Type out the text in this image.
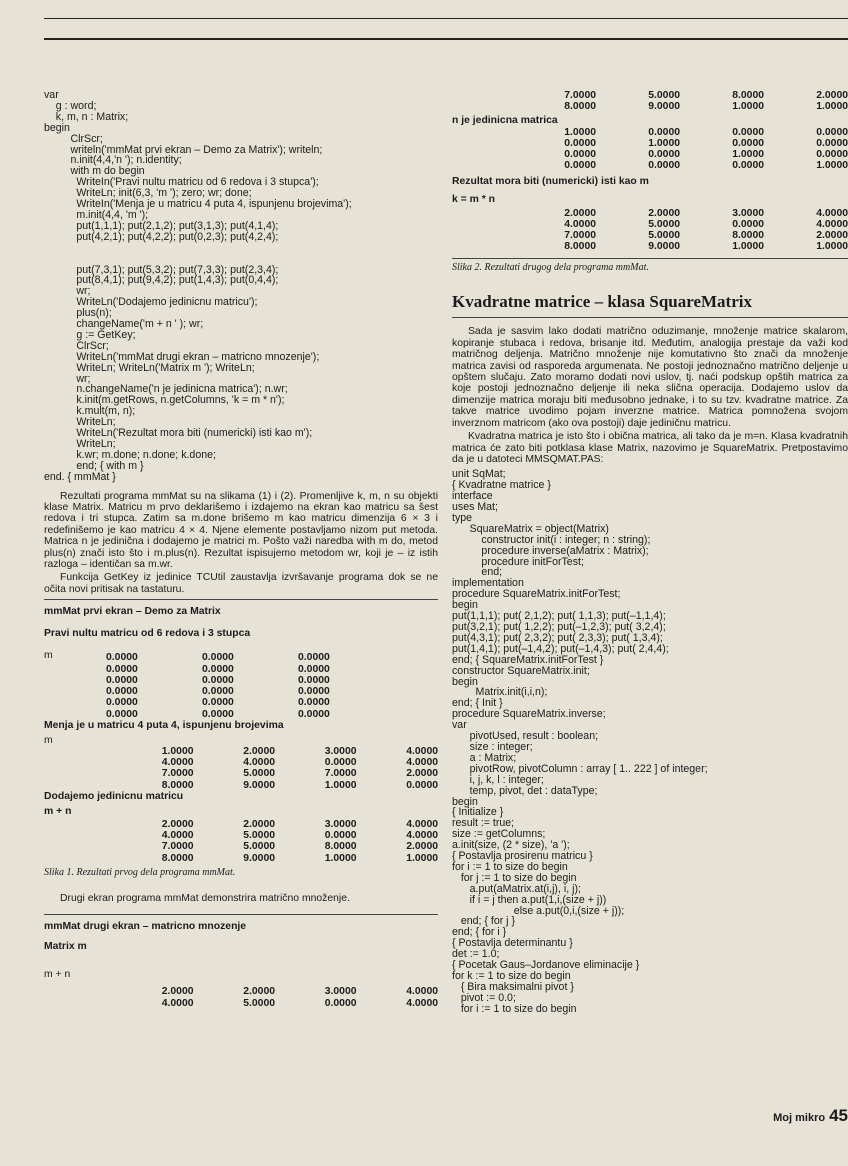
var
g : word;
k, m, n : Matrix;
begin
ClrScr;
writeln('mmMat prvi ekran – Demo za Matrix'); writeln;
n.init(4,4,'n '); n.identity;
with m do begin
WriteIn('Pravi nultu matricu od 6 redova i 3 stupca');
WriteLn; init(6,3, 'm '); zero; wr; done;
WriteIn('Menja je u matricu 4 puta 4, ispunjenu brojevima');
m.init(4,4, 'm ');
put(1,1,1); put(2,1,2); put(3,1,3); put(4,1,4);
put(4,2,1); put(4,2,2); put(0,2,3); put(4,2,4);

put(7,3,1); put(5,3,2); put(7,3,3); put(2,3,4);
put(8,4,1); put(9,4,2); put(1,4,3); put(0,4,4);
wr;
WriteLn('Dodajemo jedinicnu matricu');
plus(n);
changeName('m + n ' ); wr;
g := GetKey;
ClrScr;
WriteLn('mmMat drugi ekran – matricno mnozenje');
WriteLn; WriteLn('Matrix m '); WriteLn;
wr;
n.changeName('n je jedinicna matrica'); n.wr;
k.init(m.getRows, n.getColumns, 'k = m * n');
k.mult(m, n);
WriteLn;
WriteLn('Rezultat mora biti (numericki) isti kao m');
WriteLn;
k.wr; m.done; n.done; k.done;
end; { with m }
end. { mmMat }

Rezultati programa mmMat su na slikama (1) i (2). Promenljive k, m, n su objekti klase Matrix. Matricu m prvo deklarišemo i izdajemo na ekran kao matricu sa šest redova i tri stupca. Zatim sa m.done brišemo m kao matricu dimenzija 6 × 3 i redefinišemo je kao matricu 4 × 4. Njene elemente postavljamo nizom put metoda. Matrica n je jedinična i dodajemo je matrici m. Pošto važi naredba with m do, metod plus(n) znači isto što i m.plus(n). Rezultat ispisujemo metodom wr, koji je – iz istih razloga – identičan sa m.wr.

Funkcija GetKey iz jedinice TCUtil zaustavlja izvršavanje programa dok se ne očita novi pritisak na tastaturu.

mmMat prvi ekran – Demo za Matrix
Pravi nultu matricu od 6 redova i 3 stupca
m	0.0000	0.0000	0.0000
0.0000	0.0000	0.0000
0.0000	0.0000	0.0000
0.0000	0.0000	0.0000
0.0000	0.0000	0.0000
0.0000	0.0000	0.0000
Menja je u matricu 4 puta 4, ispunjenu brojevima
m
1.0000	2.0000	3.0000	4.0000
4.0000	4.0000	0.0000	4.0000
7.0000	5.0000	7.0000	2.0000
8.0000	9.0000	1.0000	0.0000
Dodajemo jedinicnu matricu
m + n
2.0000	2.0000	3.0000	4.0000
4.0000	5.0000	0.0000	4.0000
7.0000	5.0000	8.0000	2.0000
8.0000	9.0000	1.0000	1.0000
Slika 1. Rezultati prvog dela programa mmMat.

Drugi ekran programa mmMat demonstrira matrično množenje.

mmMat drugi ekran – matricno mnozenje
Matrix m
m + n
2.0000	2.0000	3.0000	4.0000
4.0000	5.0000	0.0000	4.0000
7.0000	5.0000	8.0000	2.0000
8.0000	9.0000	1.0000	1.0000
n je jedinicna matrica
1.0000	0.0000	0.0000	0.0000
0.0000	1.0000	0.0000	0.0000
0.0000	0.0000	1.0000	0.0000
0.0000	0.0000	0.0000	1.0000
Rezultat mora biti (numericki) isti kao m
k = m * n
2.0000	2.0000	3.0000	4.0000
4.0000	5.0000	0.0000	4.0000
7.0000	5.0000	8.0000	2.0000
8.0000	9.0000	1.0000	1.0000
Slika 2. Rezultati drugog dela programa mmMat.
Kvadratne matrice – klasa SquareMatrix

Sada je sasvim lako dodati matrično oduzimanje, množenje matrice skalarom, kopiranje stubaca i redova, brisanje itd. Međutim, analogija prestaje da važi kod matričnog deljenja. Matrično množenje nije komutativno što znači da množenje matrica zavisi od rasporeda argumenata. Ne postoji jednoznačno matrično deljenje u opštem slučaju. Zato moramo dodati novi uslov, tj. naći podskup opštih matrica za koje postoji jednoznačno deljenje ili neka slična operacija. Dodajemo uslov da dimenzije matrica moraju biti međusobno jednake, i to su tzv. kvadratne matrice. Za takve matrice uvodimo pojam inverzne matrice. Matrica pomnožena svojom inverznom matricom (ako ova postoji) daje jediničnu matricu.

Kvadratna matrica je isto što i obična matrica, ali tako da je m=n. Klasa kvadratnih matrica će zato biti potklasa klase Matrix, nazovimo je SquareMatrix. Pretpostavimo da je u datoteci MMSQMAT.PAS:

unit SqMat;
{ Kvadratne matrice }
interface
uses Mat;
type
SquareMatrix = object(Matrix)
constructor init(i : integer; n : string);
procedure inverse(aMatrix : Matrix);
procedure initForTest;
end;
implementation
procedure SquareMatrix.initForTest;
begin
put(1,1,1); put( 2,1,2); put( 1,1,3); put(–1,1,4);
put(3,2,1); put( 1,2,2); put(–1,2,3); put( 3,2,4);
put(4,3,1); put( 2,3,2); put( 2,3,3); put( 1,3,4);
put(1,4,1); put(–1,4,2); put(–1,4,3); put( 2,4,4);
end; { SquareMatrix.initForTest }
constructor SquareMatrix.init;
begin
Matrix.init(i,i,n);
end; { Init }
procedure SquareMatrix.inverse;
var
pivotUsed, result : boolean;
size : integer;
a : Matrix;
pivotRow, pivotColumn : array [ 1.. 222 ] of integer;
i, j, k, l : integer;
temp, pivot, det : dataType;
begin
{ Initialize }
result := true;
size := getColumns;
a.init(size, (2 * size), 'a ');
{ Postavlja prosirenu matricu }
for i := 1 to size do begin
for j := 1 to size do begin
a.put(aMatrix.at(i,j), i, j);
if i = j then a.put(1,i,(size + j))
else a.put(0,i,(size + j));
end; { for j }
end; { for i }
{ Postavlja determinantu }
det := 1.0;
{ Pocetak Gaus–Jordanove eliminacije }
for k := 1 to size do begin
{ Bira maksimalni pivot }
pivot := 0.0;
for i := 1 to size do begin
Moj mikro 45
